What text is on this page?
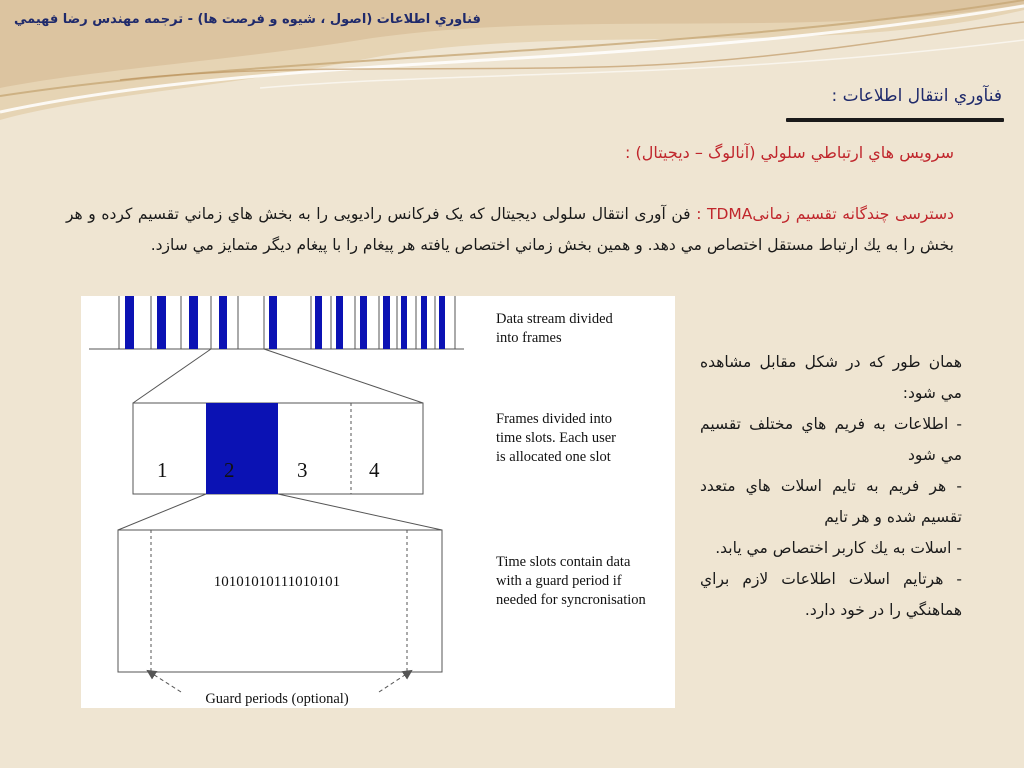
فناوري اطلاعات (اصول ، شيوه و فرصت ها) - ترجمه مهندس رضا فهيمي
فنآوري انتقال اطلاعات :
سرويس هاي ارتباطي سلولي (آنالوگ – ديجيتال) :
دسترسی چندگانه تقسیم زمانیTDMA : فن آوری انتقال سلولی دیجیتال که یک فرکانس رادیویی را به بخش هاي زماني تقسيم کرده و هر بخش را به يك ارتباط مستقل اختصاص مي دهد. و همين بخش زماني اختصاص يافته هر پيغام را با پيغام ديگر متمايز مي سازد.
1	2	3	4
10101010111010101
Guard periods (optional)
Data stream divided
into frames
Frames divided into
time slots. Each user
is allocated one slot
Time slots contain data
with a guard period if
needed for syncronisation

همان طور که در شکل مقابل مشاهده مي شود:

- اطلاعات به فريم هاي مختلف تقسيم مي شود

- هر فريم به تايم اسلات هاي متعدد تقسيم شده و هر تايم

- اسلات به يك كاربر اختصاص مي يابد.

- هرتايم اسلات اطلاعات لازم براي هماهنگي را در خود دارد.
